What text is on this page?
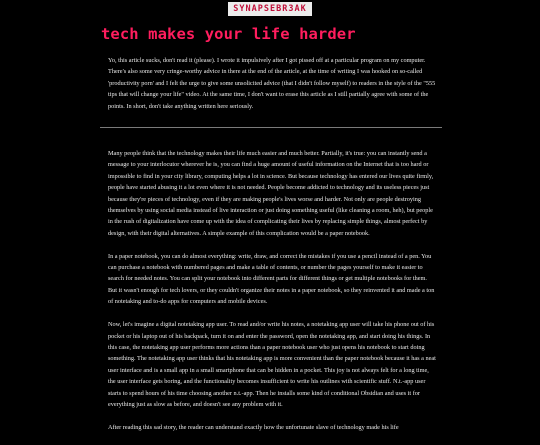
SYNAPSEBR3AK
tech makes your life harder

Yo, this article sucks, don't read it (please). I wrote it impulsively after I got pissed off at a particular program on my computer. There's also some very cringe-worthy advice in there at the end of the article, at the time of writing I was hooked on so-called 'productivity porn' and I felt the urge to give some unsolicited advice (that I didn't follow myself) to readers in the style of the "555 tips that will change your life" video. At the same time, I don't want to erase this article as I still partially agree with some of the points. In short, don't take anything written here seriously.

Many people think that the technology makes their life much easier and much better. Partially, it's true: you can instantly send a message to your interlocutor wherever he is, you can find a huge amount of useful information on the Internet that is too hard or impossible to find in your city library, computing helps a lot in science. But because technology has entered our lives quite firmly, people have started abusing it a lot even where it is not needed. People become addicted to technology and its useless pieces just because they're pieces of technology, even if they are making people's lives worse and harder. Not only are people destroying themselves by using social media instead of live interaction or just doing something useful (like cleaning a room, heh), but people in the rush of digitalization have come up with the idea of complicating their lives by replacing simple things, almost perfect by design, with their digital alternatives. A simple example of this complication would be a paper notebook.

In a paper notebook, you can do almost everything: write, draw, and correct the mistakes if you use a pencil instead of a pen. You can purchase a notebook with numbered pages and make a table of contents, or number the pages yourself to make it easier to search for needed notes. You can split your notebook into different parts for different things or get multiple notebooks for them. But it wasn't enough for tech lovers, or they couldn't organize their notes in a paper notebook, so they reinvented it and made a ton of notetaking and to-do apps for computers and mobile devices.

Now, let's imagine a digital notetaking app user. To read and/or write his notes, a notetaking app user will take his phone out of his pocket or his laptop out of his backpack, turn it on and enter the password, open the notetaking app, and start doing his things. In this case, the notetaking app user performs more actions than a paper notebook user who just opens his notebook to start doing something. The notetaking app user thinks that his notetaking app is more convenient than the paper notebook because it has a neat user interface and is a small app in a small smartphone that can be hidden in a pocket. This joy is not always felt for a long time, the user interface gets boring, and the functionality becomes insufficient to write his outlines with scientific stuff. N.t.-app user starts to spend hours of his time choosing another n.t.-app. Then he installs some kind of conditional Obsidian and uses it for everything just as slow as before, and doesn't see any problem with it.

After reading this sad story, the reader can understand exactly how the unfortunate slave of technology made his life
